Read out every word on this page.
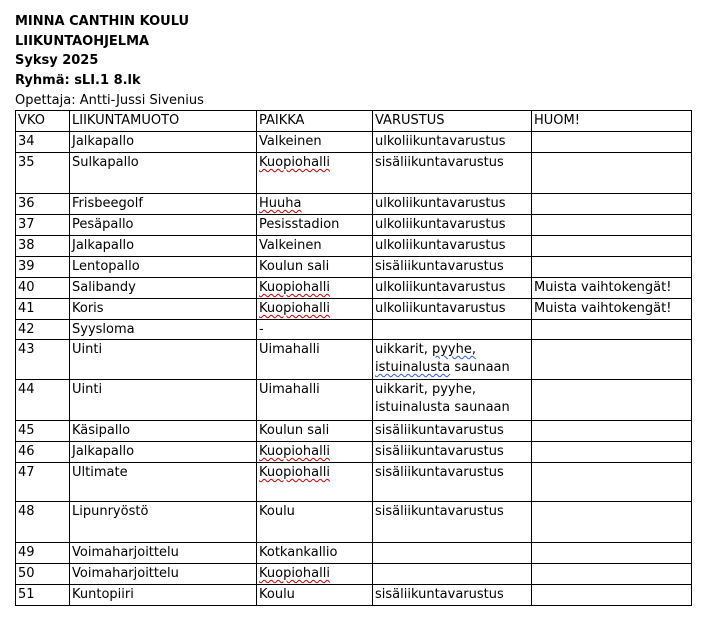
MINNA CANTHIN KOULU
LIIKUNTAOHJELMA
Syksy 2025
Ryhmä: sLI.1 8.lk
Opettaja: Antti-Jussi Sivenius
VKO	LIIKUNTAMUOTO	PAIKKA	VARUSTUS	HUOM!
34	Jalkapallo	Valkeinen	ulkoliikuntavarustus	
35	Sulkapallo	Kuopiohalli	sisäliikuntavarustus	
36	Frisbeegolf	Huuha	ulkoliikuntavarustus	
37	Pesäpallo	Pesisstadion	ulkoliikuntavarustus	
38	Jalkapallo	Valkeinen	ulkoliikuntavarustus	
39	Lentopallo	Koulun sali	sisäliikuntavarustus	
40	Salibandy	Kuopiohalli	ulkoliikuntavarustus	Muista vaihtokengät!
41	Koris	Kuopiohalli	ulkoliikuntavarustus	Muista vaihtokengät!
42	Syysloma	-		
43	Uinti	Uimahalli	uikkarit, pyyhe,
istuinalusta saunaan	
44	Uinti	Uimahalli	uikkarit, pyyhe,
istuinalusta saunaan	
45	Käsipallo	Koulun sali	sisäliikuntavarustus	
46	Jalkapallo	Kuopiohalli	sisäliikuntavarustus	
47	Ultimate	Kuopiohalli	sisäliikuntavarustus	
48	Lipunryöstö	Koulu	sisäliikuntavarustus	
49	Voimaharjoittelu	Kotkankallio		
50	Voimaharjoittelu	Kuopiohalli		
51	Kuntopiiri	Koulu	sisäliikuntavarustus	
